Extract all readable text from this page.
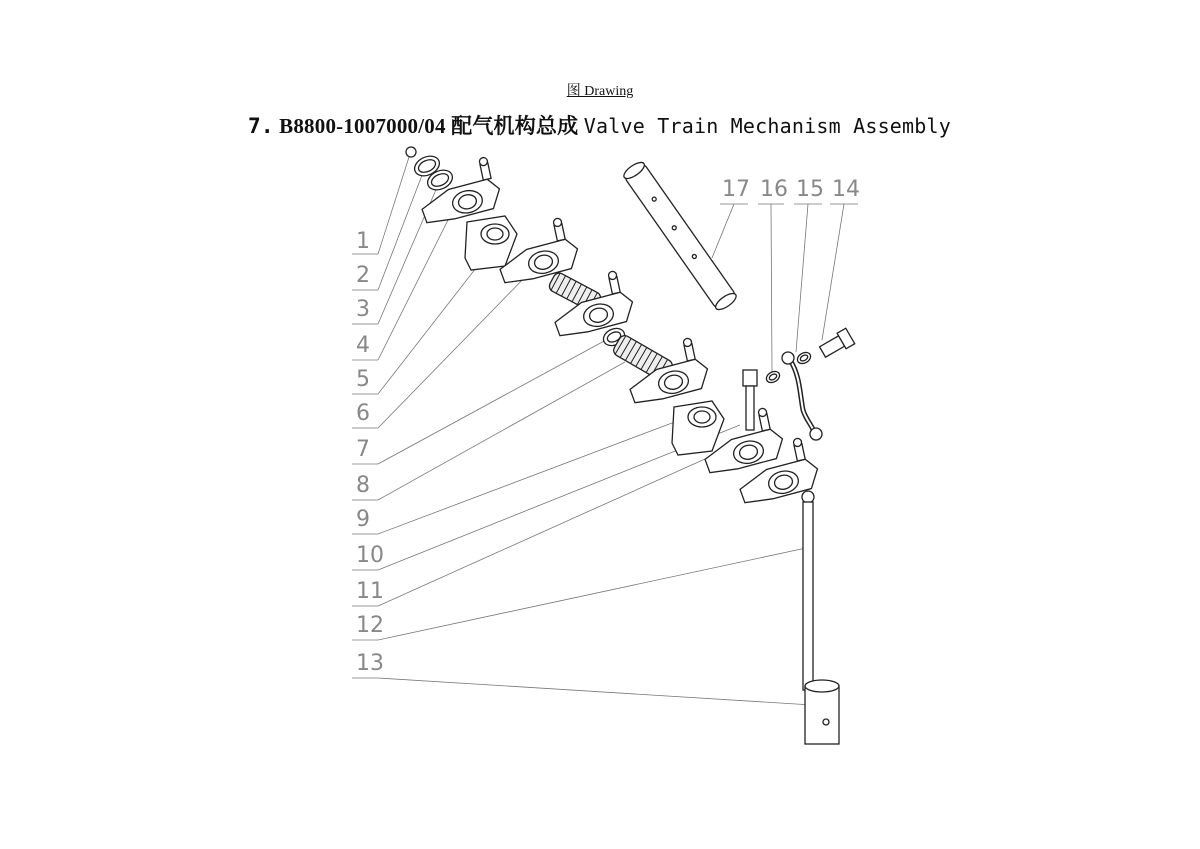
图 Drawing
7. B8800-1007000/04 配气机构总成 Valve Train Mechanism Assembly
1
2
3
4
5
6
7
8
9
10
11
12
13
17 16 15 14
